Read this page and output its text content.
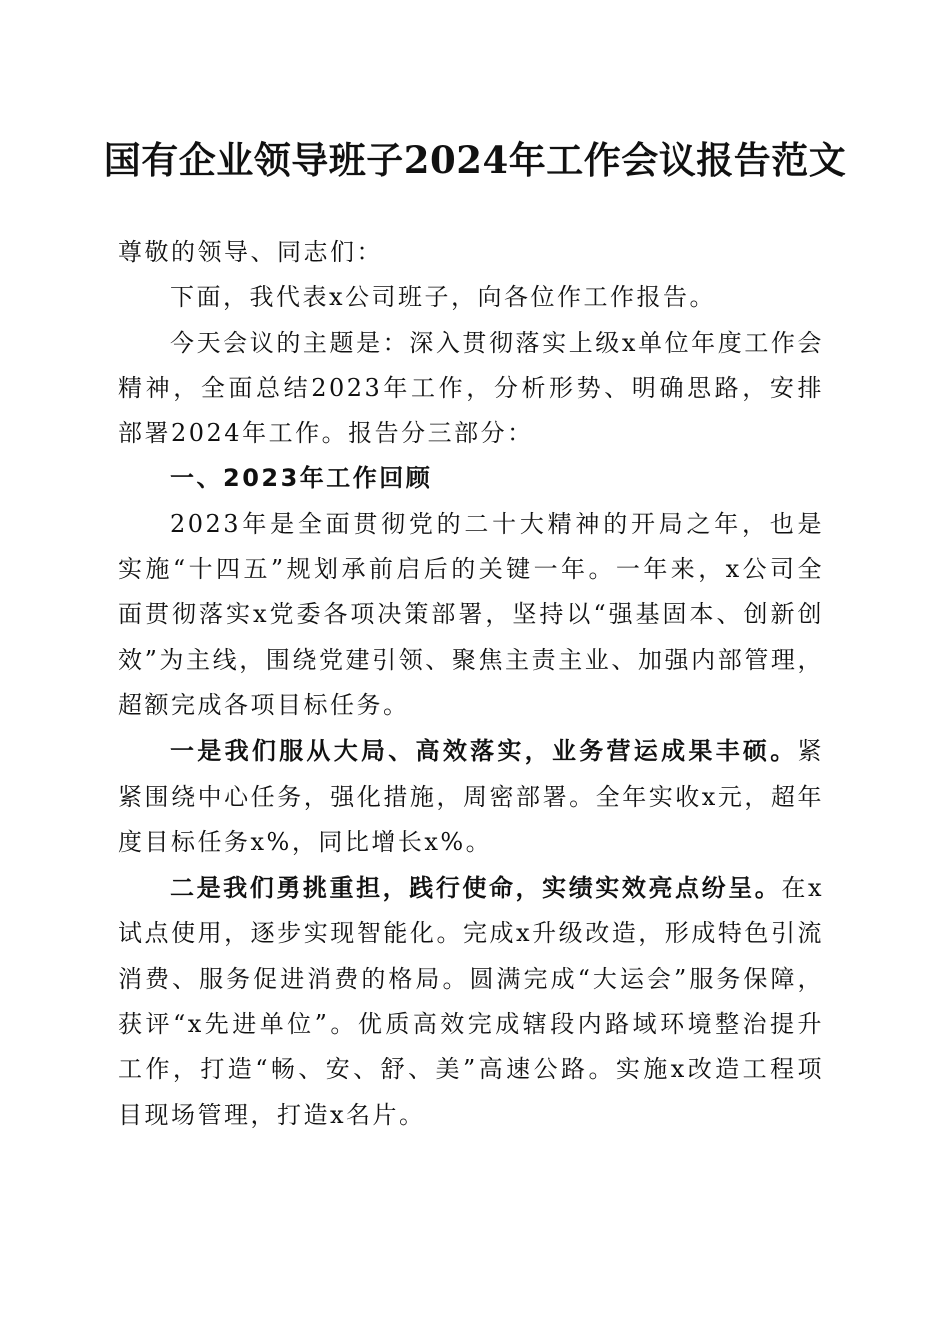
国有企业领导班子2024年工作会议报告范文

尊敬的领导、同志们：

下面，我代表x公司班子，向各位作工作报告。

今天会议的主题是：深入贯彻落实上级x单位年度工作会精神，全面总结2023年工作，分析形势、明确思路，安排部署2024年工作。报告分三部分：

一、2023年工作回顾

2023年是全面贯彻党的二十大精神的开局之年，也是实施“十四五”规划承前启后的关键一年。一年来，x公司全面贯彻落实x党委各项决策部署，坚持以“强基固本、创新创效”为主线，围绕党建引领、聚焦主责主业、加强内部管理，超额完成各项目标任务。

一是我们服从大局、高效落实，业务营运成果丰硕。紧紧围绕中心任务，强化措施，周密部署。全年实收x元，超年度目标任务x%，同比增长x%。

二是我们勇挑重担，践行使命，实绩实效亮点纷呈。在x试点使用，逐步实现智能化。完成x升级改造，形成特色引流消费、服务促进消费的格局。圆满完成“大运会”服务保障，获评“x先进单位”。优质高效完成辖段内路域环境整治提升工作，打造“畅、安、舒、美”高速公路。实施x改造工程项目现场管理，打造x名片。
